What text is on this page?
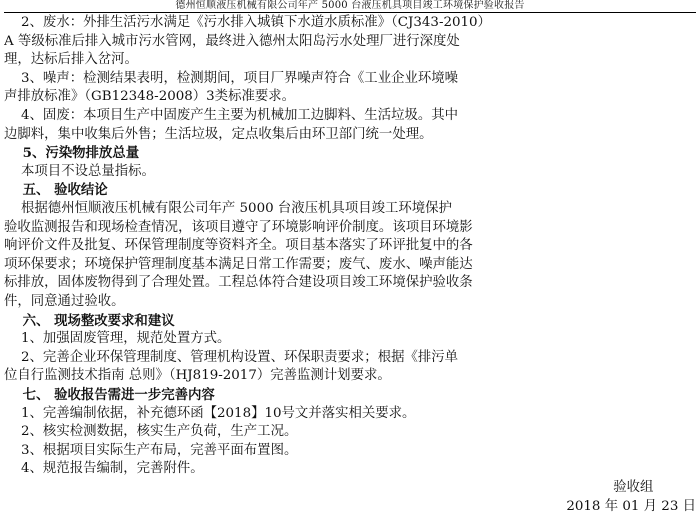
德州恒顺液压机械有限公司年产 5000 台液压机具项目竣工环境保护验收报告
2、废水：外排生活污水满足《污水排入城镇下水道水质标准》（CJ343-2010）
A 等级标准后排入城市污水管网，最终进入德州太阳岛污水处理厂进行深度处
理，达标后排入岔河。
3、噪声：检测结果表明，检测期间，项目厂界噪声符合《工业企业环境噪
声排放标准》（GB12348-2008）3类标准要求。
4、固废：本项目生产中固废产生主要为机械加工边脚料、生活垃圾。其中
边脚料，集中收集后外售；生活垃圾，定点收集后由环卫部门统一处理。
5、污染物排放总量
本项目不设总量指标。
五、 验收结论
根据德州恒顺液压机械有限公司年产 5000 台液压机具项目竣工环境保护
验收监测报告和现场检查情况，该项目遵守了环境影响评价制度。该项目环境影
响评价文件及批复、环保管理制度等资料齐全。项目基本落实了环评批复中的各
项环保要求；环境保护管理制度基本满足日常工作需要；废气、废水、噪声能达
标排放，固体废物得到了合理处置。工程总体符合建设项目竣工环境保护验收条
件，同意通过验收。
六、 现场整改要求和建议
1、加强固废管理，规范处置方式。
2、完善企业环保管理制度、管理机构设置、环保职责要求；根据《排污单
位自行监测技术指南 总则》（HJ819-2017）完善监测计划要求。
七、 验收报告需进一步完善内容
1、完善编制依据，补充德环函【2018】10号文并落实相关要求。
2、核实检测数据，核实生产负荷，生产工况。
3、根据项目实际生产布局，完善平面布置图。
4、规范报告编制，完善附件。
验收组
2018 年 01 月 23 日
